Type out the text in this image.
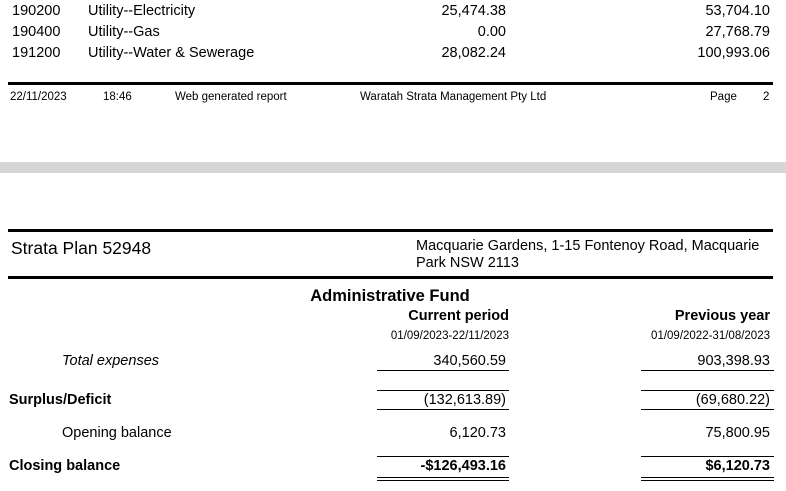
190200 Utility--Electricity	25,474.38	53,704.10
190400 Utility--Gas	0.00	27,768.79
191200 Utility--Water & Sewerage	28,082.24	100,993.06
22/11/2023	18:46	Web generated report	Waratah Strata Management Pty Ltd	Page 2
Strata Plan 52948	Macquarie Gardens, 1-15 Fontenoy Road, Macquarie
Park NSW 2113
Administrative Fund
Current period	Previous year
01/09/2023-22/11/2023	01/09/2022-31/08/2023
Total expenses	340,560.59	903,398.93
Surplus/Deficit	(132,613.89)	(69,680.22)
Opening balance	6,120.73	75,800.95
Closing balance	-$126,493.16	$6,120.73
